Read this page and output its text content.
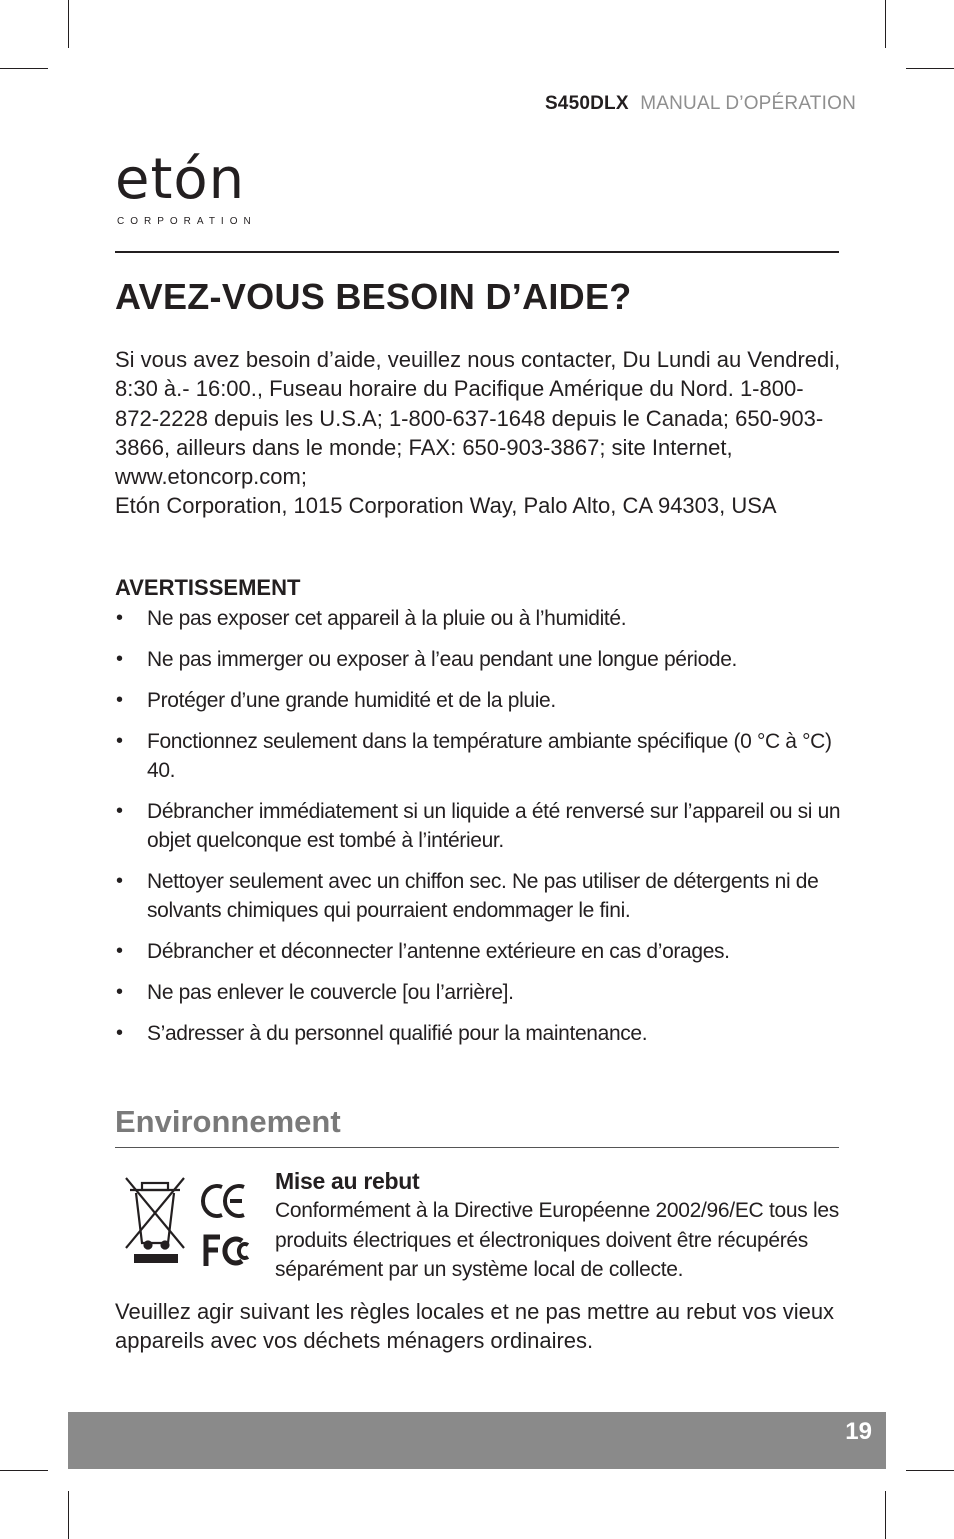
S450DLX MANUAL D’OPÉRATION
etón
CORPORATION
AVEZ-VOUS BESOIN D’AIDE?

Si vous avez besoin d’aide, veuillez nous contacter, Du Lundi au Vendredi, 8:30 à.- 16:00., Fuseau horaire du Pacifique Amérique du Nord. 1-800-872-2228 depuis les U.S.A; 1-800-637-1648 depuis le Canada; 650-903-3866, ailleurs dans le monde; FAX: 650-903-3867; site Internet, www.etoncorp.com;

Etón Corporation, 1015 Corporation Way, Palo Alto, CA 94303, USA

AVERTISSEMENT
• Ne pas exposer cet appareil à la pluie ou à l’humidité.
• Ne pas immerger ou exposer à l’eau pendant une longue période.
• Protéger d’une grande humidité et de la pluie.
• Fonctionnez seulement dans la température ambiante spécifique (0 °C à °C) 40.
• Débrancher immédiatement si un liquide a été renversé sur l’appareil ou si un objet quelconque est tombé à l’intérieur.
• Nettoyer seulement avec un chiffon sec. Ne pas utiliser de détergents ni de solvants chimiques qui pourraient endommager le fini.
• Débrancher et déconnecter l’antenne extérieure en cas d’orages.
• Ne pas enlever le couvercle [ou l’arrière].
• S’adresser à du personnel qualifié pour la maintenance.
Environnement

Mise au rebut

Conformément à la Directive Européenne 2002/96/EC tous les produits électriques et électroniques doivent être récupérés séparément par un système local de collecte.

Veuillez agir suivant les règles locales et ne pas mettre au rebut vos vieux appareils avec vos déchets ménagers ordinaires.

19
